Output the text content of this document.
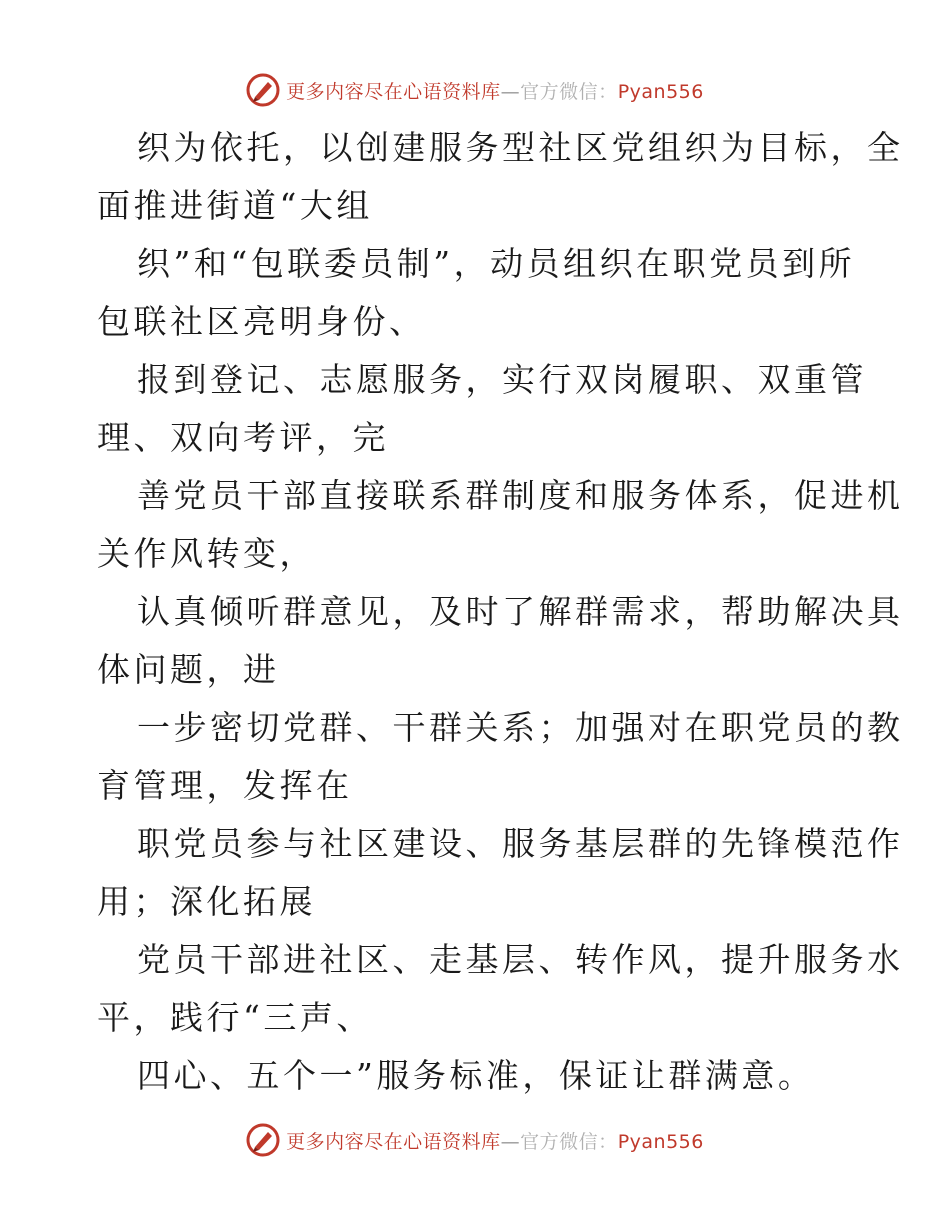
更多内容尽在心语资料库—官方微信：Pyan556
织为依托，以创建服务型社区党组织为目标，全
面推进街道“大组
织”和“包联委员制”，动员组织在职党员到所
包联社区亮明身份、
报到登记、志愿服务，实行双岗履职、双重管
理、双向考评，完
善党员干部直接联系群制度和服务体系，促进机
关作风转变，
认真倾听群意见，及时了解群需求，帮助解决具
体问题，进
一步密切党群、干群关系；加强对在职党员的教
育管理，发挥在
职党员参与社区建设、服务基层群的先锋模范作
用；深化拓展
党员干部进社区、走基层、转作风，提升服务水
平，践行“三声、
四心、五个一”服务标准，保证让群满意。
更多内容尽在心语资料库—官方微信：Pyan556
